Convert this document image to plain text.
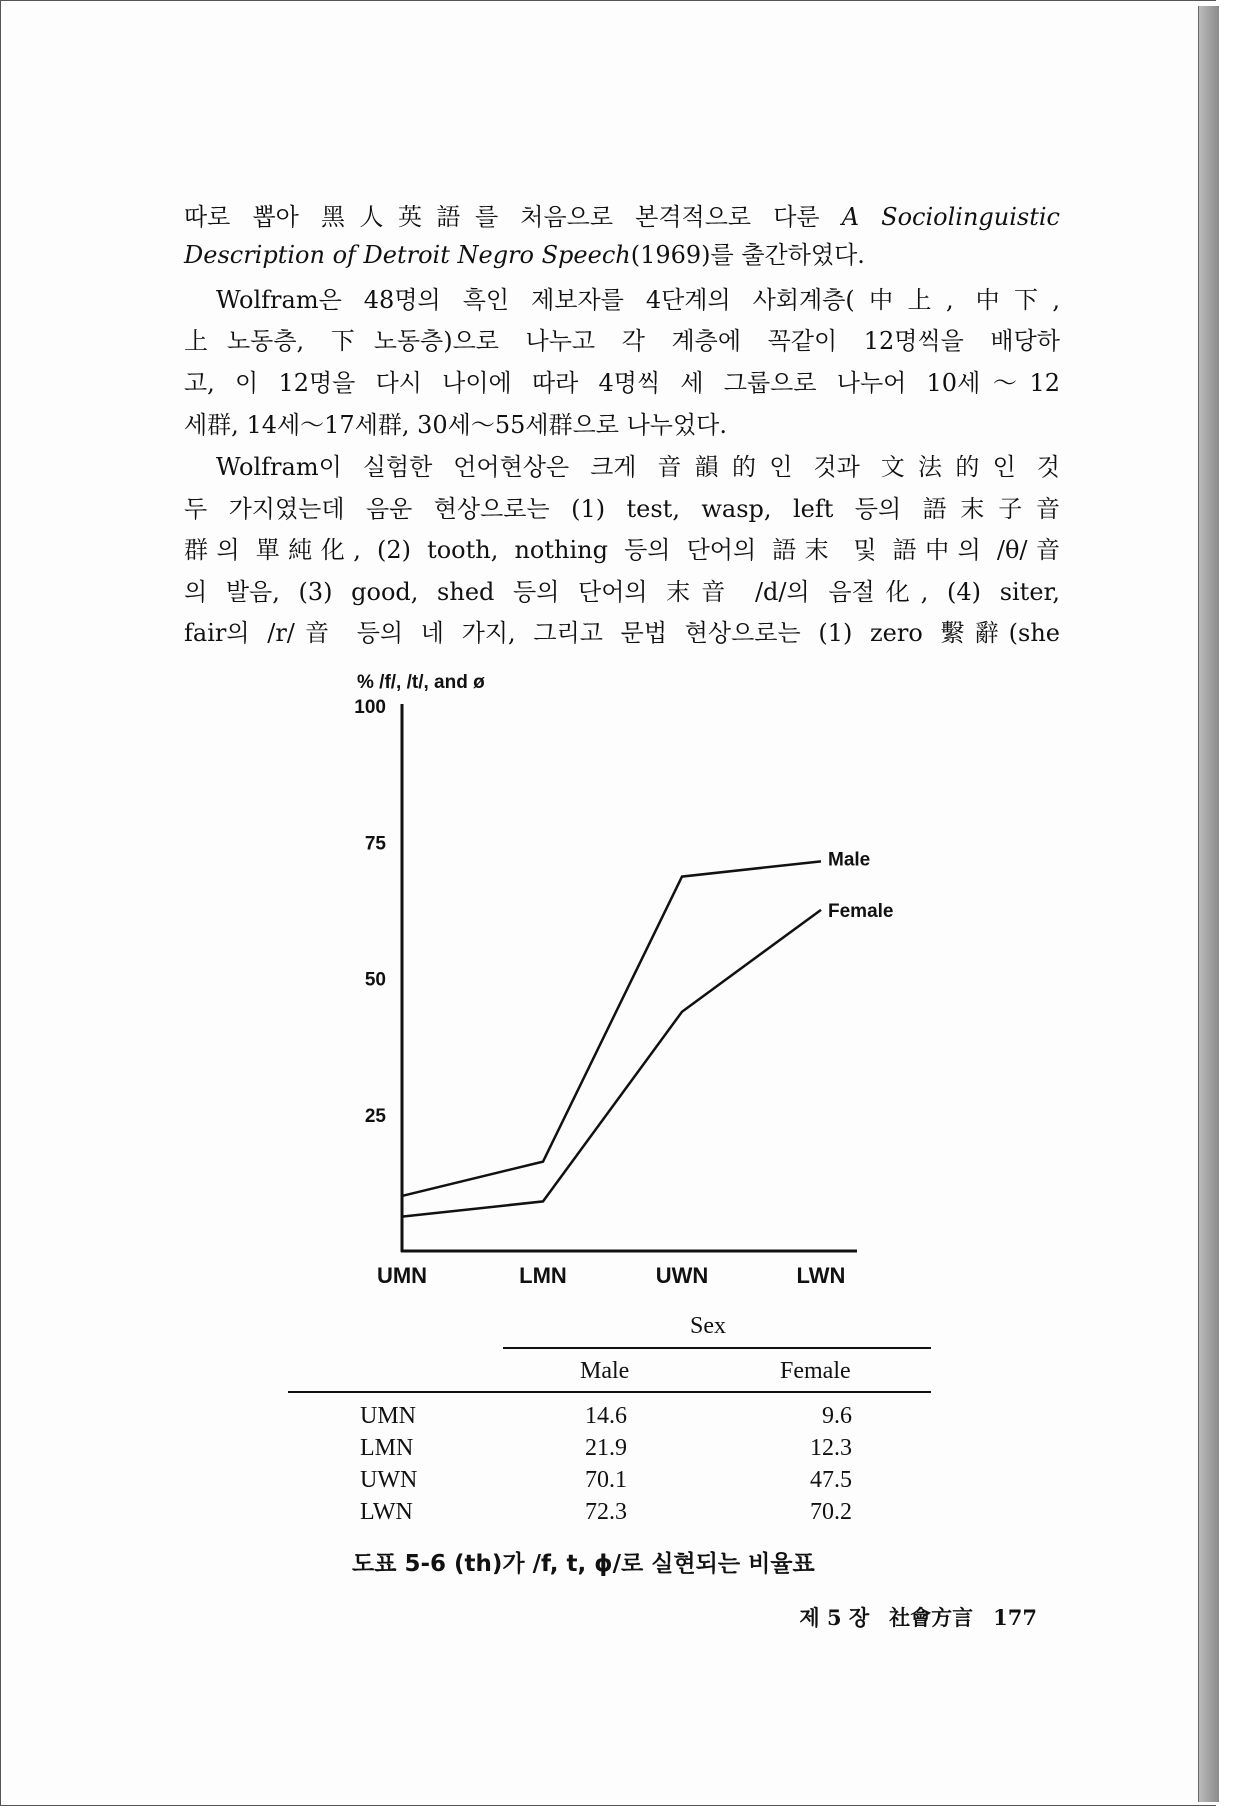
따로 뽑아 黑人英語를 처음으로 본격적으로 다룬 A Sociolinguistic
Description of Detroit Negro Speech(1969)를 출간하였다.
Wolfram은 48명의 흑인 제보자를 4단계의 사회계층(中上, 中下,
上노동층, 下노동층)으로 나누고 각 계층에 꼭같이 12명씩을 배당하
고, 이 12명을 다시 나이에 따라 4명씩 세 그룹으로 나누어 10세～12
세群, 14세～17세群, 30세～55세群으로 나누었다.
Wolfram이 실험한 언어현상은 크게 音韻的인 것과 文法的인 것
두 가지였는데 음운 현상으로는 (1) test, wasp, left 등의 語末子音
群의 單純化, (2) tooth, nothing 등의 단어의 語末 및 語中의 /θ/音
의 발음, (3) good, shed 등의 단어의 末音 /d/의 음절化, (4) siter,
fair의 /r/音 등의 네 가지, 그리고 문법 현상으로는 (1) zero 繫辭(she
% /f/, /t/, and ø
100
75
50
25
UMN	LMN	UWN	LWN
Male
Female
Sex
Male	Female
UMN	14.6	9.6
LMN	21.9	12.3
UWN	70.1	47.5
LWN	72.3	70.2
도표 5-6 (th)가 /f, t, ϕ/로 실현되는 비율표
제 5 장 社會方言 177
